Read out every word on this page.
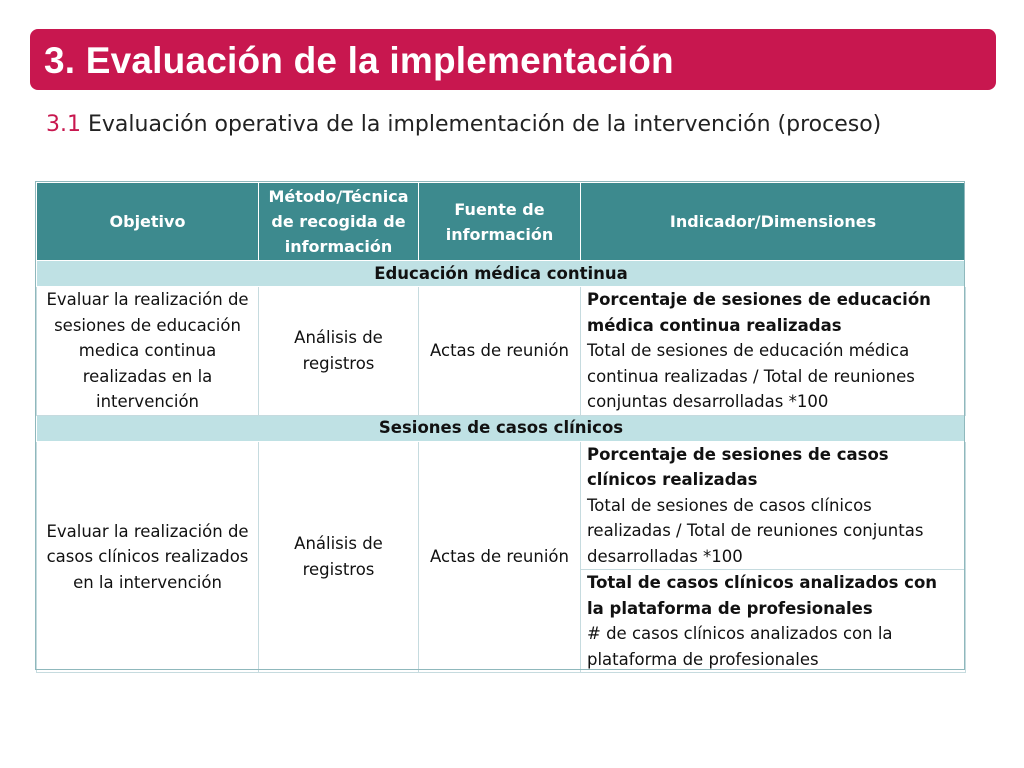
3. Evaluación de la implementación
3.1 Evaluación operativa de la implementación de la intervención (proceso)
Objetivo	Método/Técnica de recogida de información	Fuente de información	Indicador/Dimensiones
Educación médica continua			
Evaluar la realización de sesiones de educación medica continua realizadas en la intervención	Análisis de registros	Actas de reunión	Porcentaje de sesiones de educación médica continua realizadas
Total de sesiones de educación médica continua realizadas / Total de reuniones conjuntas desarrolladas *100

Sesiones de casos clínicos			
Evaluar la realización de casos clínicos realizados en la intervención	Análisis de registros	Actas de reunión	Porcentaje de sesiones de casos clínicos realizadas
Total de sesiones de casos clínicos realizadas / Total de reuniones conjuntas desarrolladas *100

			Total de casos clínicos analizados con la plataforma de profesionales
# de casos clínicos analizados con la plataforma de profesionales
